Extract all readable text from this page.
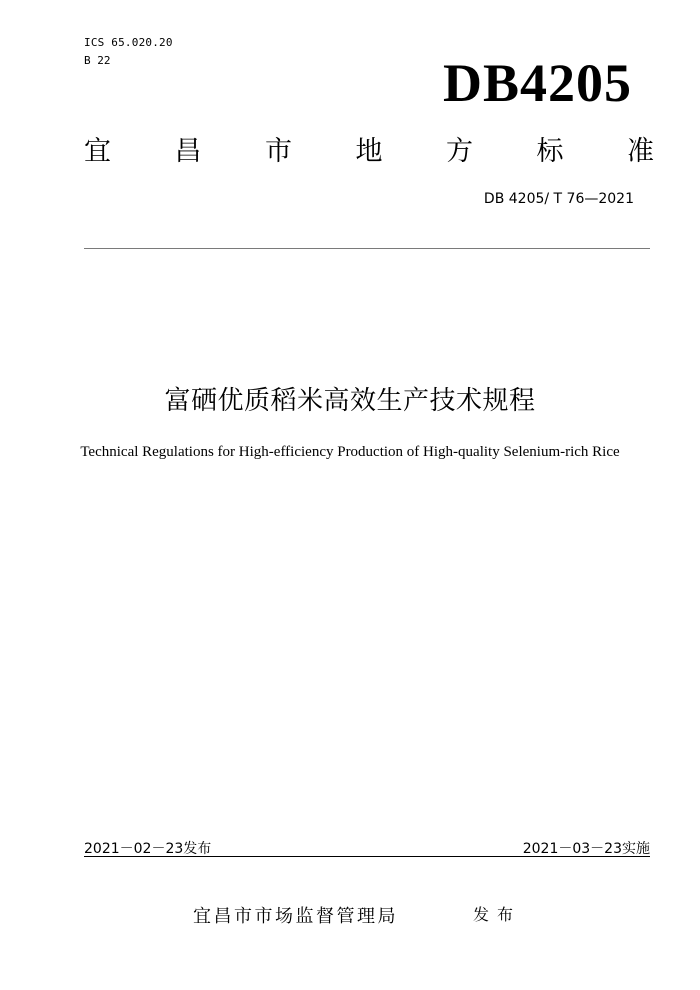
ICS 65.020.20
B 22	DB4205
宜 昌 市 地 方 标 准
DB 4205/ T 76—2021
富硒优质稻米高效生产技术规程
Technical Regulations for High-efficiency Production of High-quality Selenium-rich Rice
2021－02－23发布	2021－03－23实施
宜昌市市场监督管理局	发布
